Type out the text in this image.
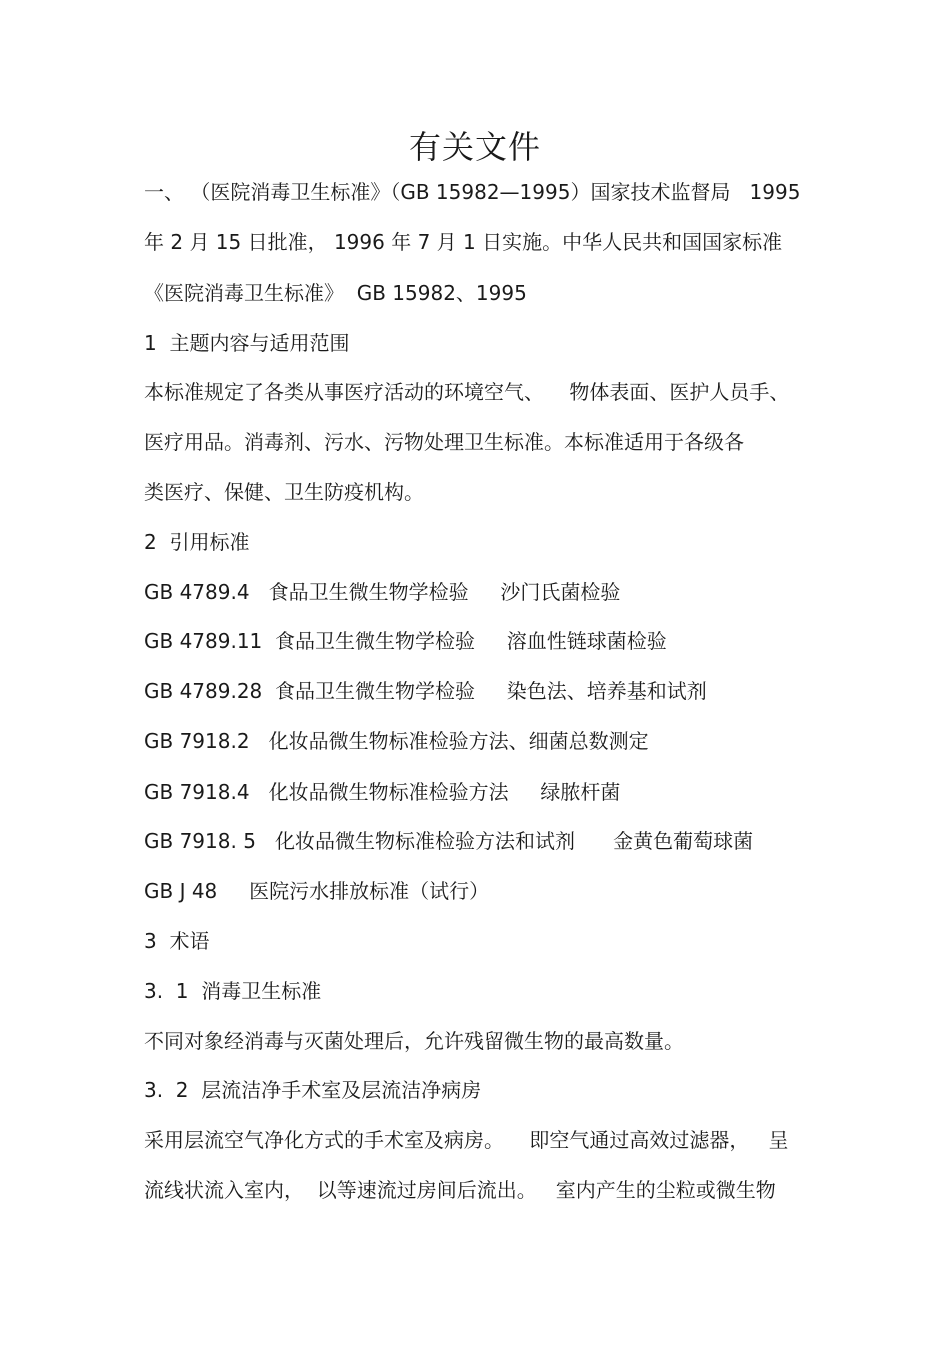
有关文件
一、 （医院消毒卫生标准》（GB 15982—1995）国家技术监督局   1995
年 2 月 15 日批准， 1996 年 7 月 1 日实施。中华人民共和国国家标准
《医院消毒卫生标准》  GB 15982、1995
1  主题内容与适用范围
本标准规定了各类从事医疗活动的环境空气、    物体表面、医护人员手、
医疗用品。消毒剂、污水、污物处理卫生标准。本标准适用于各级各
类医疗、保健、卫生防疫机构。
2  引用标准
GB 4789.4   食品卫生微生物学检验     沙门氏菌检验
GB 4789.11  食品卫生微生物学检验     溶血性链球菌检验
GB 4789.28  食品卫生微生物学检验     染色法、培养基和试剂
GB 7918.2   化妆品微生物标准检验方法、细菌总数测定
GB 7918.4   化妆品微生物标准检验方法     绿脓杆菌
GB 7918. 5   化妆品微生物标准检验方法和试剂      金黄色葡萄球菌
GB J 48     医院污水排放标准（试行）
3  术语
3.  1  消毒卫生标准
不同对象经消毒与灭菌处理后，允许残留微生物的最高数量。
3.  2  层流洁净手术室及层流洁净病房
采用层流空气净化方式的手术室及病房。    即空气通过高效过滤器，   呈
流线状流入室内，  以等速流过房间后流出。   室内产生的尘粒或微生物
